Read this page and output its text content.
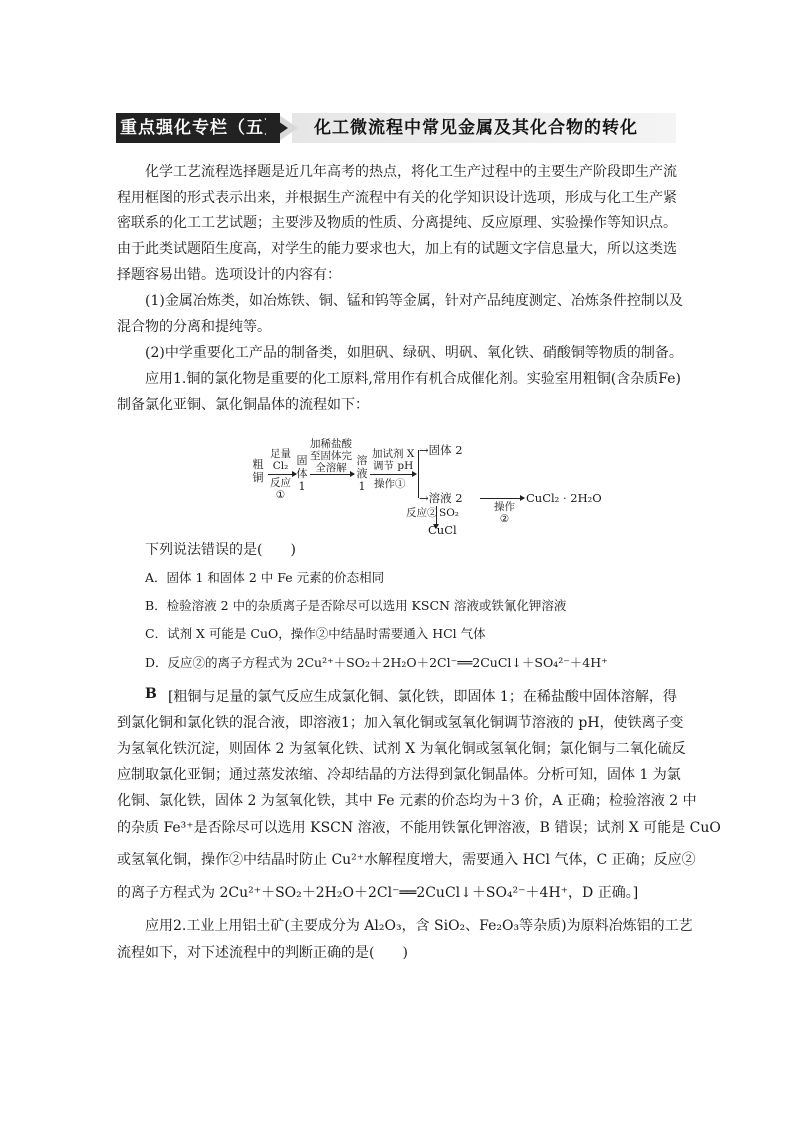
重点强化专栏（五） 化工微流程中常见金属及其化合物的转化
化学工艺流程选择题是近几年高考的热点，将化工生产过程中的主要生产阶段即生产流
程用框图的形式表示出来，并根据生产流程中有关的化学知识设计选项，形成与化工生产紧
密联系的化工工艺试题；主要涉及物质的性质、分离提纯、反应原理、实验操作等知识点。
由于此类试题陌生度高，对学生的能力要求也大，加上有的试题文字信息量大，所以这类选
择题容易出错。选项设计的内容有：
(1)金属冶炼类，如冶炼铁、铜、锰和钨等金属，针对产品纯度测定、冶炼条件控制以及
混合物的分离和提纯等。
(2)中学重要化工产品的制备类，如胆矾、绿矾、明矾、氧化铁、硝酸铜等物质的制备。
应用1.铜的氯化物是重要的化工原料,常用作有机合成催化剂。实验室用粗铜(含杂质Fe)
制备氯化亚铜、氯化铜晶体的流程如下：
粗铜
足量
Cl₂
反应
①
固体1
加稀盐酸
至固体完
全溶解
溶液1
加试剂 X
调节 pH
操作①
→固体 2
→溶液 2	CuCl₂ · 2H₂O
操作
②
反应② SO₂
CuCl
下列说法错误的是(　　)
A．固体 1 和固体 2 中 Fe 元素的价态相同
B．检验溶液 2 中的杂质离子是否除尽可以选用 KSCN 溶液或铁氰化钾溶液
C．试剂 X 可能是 CuO，操作②中结晶时需要通入 HCl 气体
D．反应②的离子方程式为 2Cu²⁺＋SO₂＋2H₂O＋2Cl⁻══2CuCl↓＋SO₄²⁻＋4H⁺
B [粗铜与足量的氯气反应生成氯化铜、氯化铁，即固体 1；在稀盐酸中固体溶解，得
到氯化铜和氯化铁的混合液，即溶液1；加入氧化铜或氢氧化铜调节溶液的 pH，使铁离子变
为氢氧化铁沉淀，则固体 2 为氢氧化铁、试剂 X 为氧化铜或氢氧化铜；氯化铜与二氧化硫反
应制取氯化亚铜；通过蒸发浓缩、冷却结晶的方法得到氯化铜晶体。分析可知，固体 1 为氯
化铜、氯化铁，固体 2 为氢氧化铁，其中 Fe 元素的价态均为＋3 价，A 正确；检验溶液 2 中
的杂质 Fe³⁺是否除尽可以选用 KSCN 溶液，不能用铁氰化钾溶液，B 错误；试剂 X 可能是 CuO
或氢氧化铜，操作②中结晶时防止 Cu²⁺水解程度增大，需要通入 HCl 气体，C 正确；反应②
的离子方程式为 2Cu²⁺＋SO₂＋2H₂O＋2Cl⁻══2CuCl↓＋SO₄²⁻＋4H⁺，D 正确。]
应用2.工业上用铝土矿(主要成分为 Al₂O₃，含 SiO₂、Fe₂O₃等杂质)为原料冶炼铝的工艺
流程如下，对下述流程中的判断正确的是(　　)
